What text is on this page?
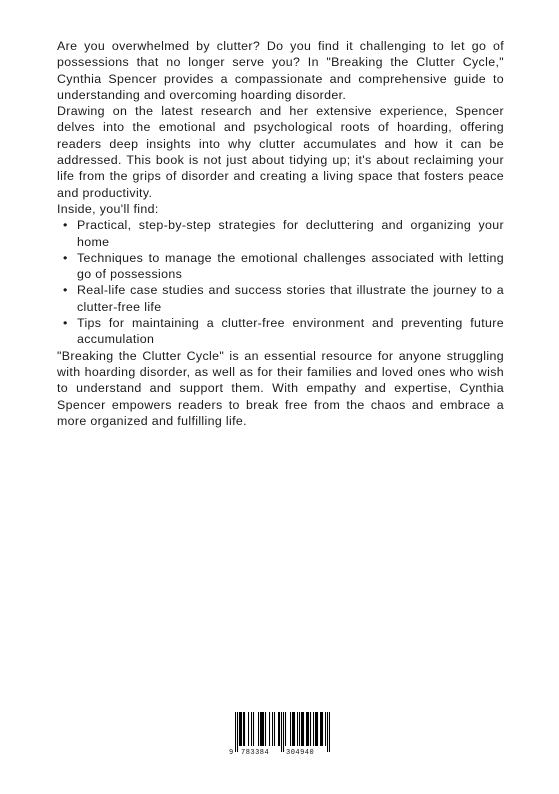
Are you overwhelmed by clutter? Do you find it challenging to let go of possessions that no longer serve you? In "Breaking the Clutter Cycle," Cynthia Spencer provides a compassionate and comprehensive guide to understanding and overcoming hoarding disorder.

Drawing on the latest research and her extensive experience, Spencer delves into the emotional and psychological roots of hoarding, offering readers deep insights into why clutter accumulates and how it can be addressed. This book is not just about tidying up; it's about reclaiming your life from the grips of disorder and creating a living space that fosters peace and productivity.

Inside, you'll find:

• Practical, step-by-step strategies for decluttering and organizing your home
• Techniques to manage the emotional challenges associated with letting go of possessions
• Real-life case studies and success stories that illustrate the journey to a clutter-free life
• Tips for maintaining a clutter-free environment and preventing future accumulation

"Breaking the Clutter Cycle" is an essential resource for anyone struggling with hoarding disorder, as well as for their families and loved ones who wish to understand and support them. With empathy and expertise, Cynthia Spencer empowers readers to break free from the chaos and embrace a more organized and fulfilling life.

9 783384 304940
